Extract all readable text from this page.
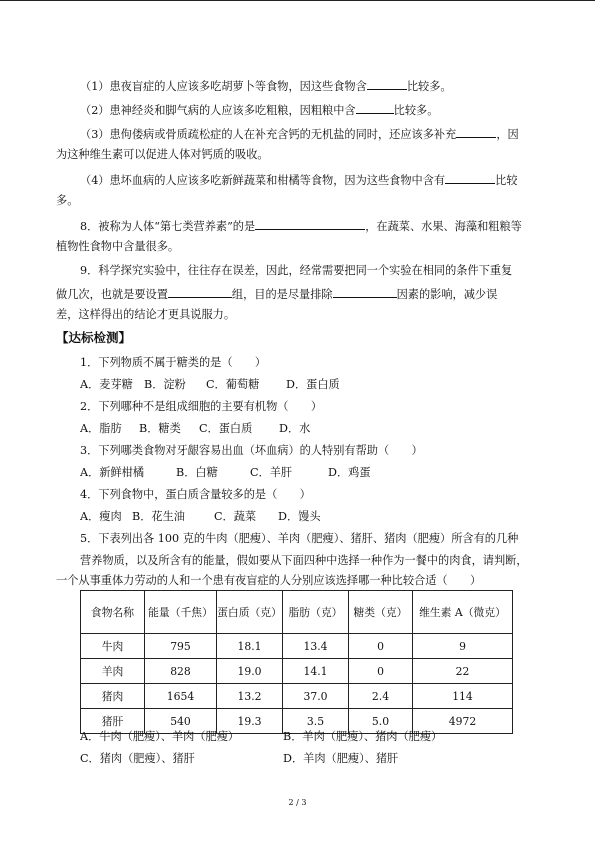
（1）患夜盲症的人应该多吃胡萝卜等食物，因这些食物含	比较多。
（2）患神经炎和脚气病的人应该多吃粗粮，因粗粮中含	比较多。
（3）患佝偻病或骨质疏松症的人在补充含钙的无机盐的同时，还应该多补充	，因
为这种维生素可以促进人体对钙质的吸收。
（4）患坏血病的人应该多吃新鲜蔬菜和柑橘等食物，因为这些食物中含有	比较
多。
8．被称为人体“第七类营养素”的是	，在蔬菜、水果、海藻和粗粮等
植物性食物中含量很多。
9．科学探究实验中，往往存在误差，因此，经常需要把同一个实验在相同的条件下重复
做几次，也就是要设置	组，目的是尽量排除	因素的影响，减少误
差，这样得出的结论才更具说服力。
【达标检测】
1．下列物质不属于糖类的是（　　）
A．麦芽糖 B．淀粉 C．葡萄糖 D．蛋白质
2．下列哪种不是组成细胞的主要有机物（　　）
A．脂肪 B．糖类 C．蛋白质 D．水
3．下列哪类食物对牙龈容易出血（坏血病）的人特别有帮助（　　）
A．新鲜柑橘	B．白糖	C．羊肝	D．鸡蛋
4．下列食物中，蛋白质含量较多的是（　　）
A．瘦肉 B．花生油	C．蔬菜 D．馒头
5．下表列出各 100 克的牛肉（肥瘦）、羊肉（肥瘦）、猪肝、猪肉（肥瘦）所含有的几种
营养物质，以及所含有的能量，假如要从下面四种中选择一种作为一餐中的肉食，请判断，
一个从事重体力劳动的人和一个患有夜盲症的人分别应该选择哪一种比较合适（　　）
食物名称	能量（千焦）	蛋白质（克）	脂肪（克）	糖类（克）	维生素 A（微克）
牛肉	795	18.1	13.4	0	9
羊肉	828	19.0	14.1	0	22
猪肉	1654	13.2	37.0	2.4	114
猪肝	540	19.3	3.5	5.0	4972
A．牛肉（肥瘦）、羊肉（肥瘦）	B．羊肉（肥瘦）、猪肉（肥瘦）
C．猪肉（肥瘦）、猪肝	D．羊肉（肥瘦）、猪肝
2 / 3
